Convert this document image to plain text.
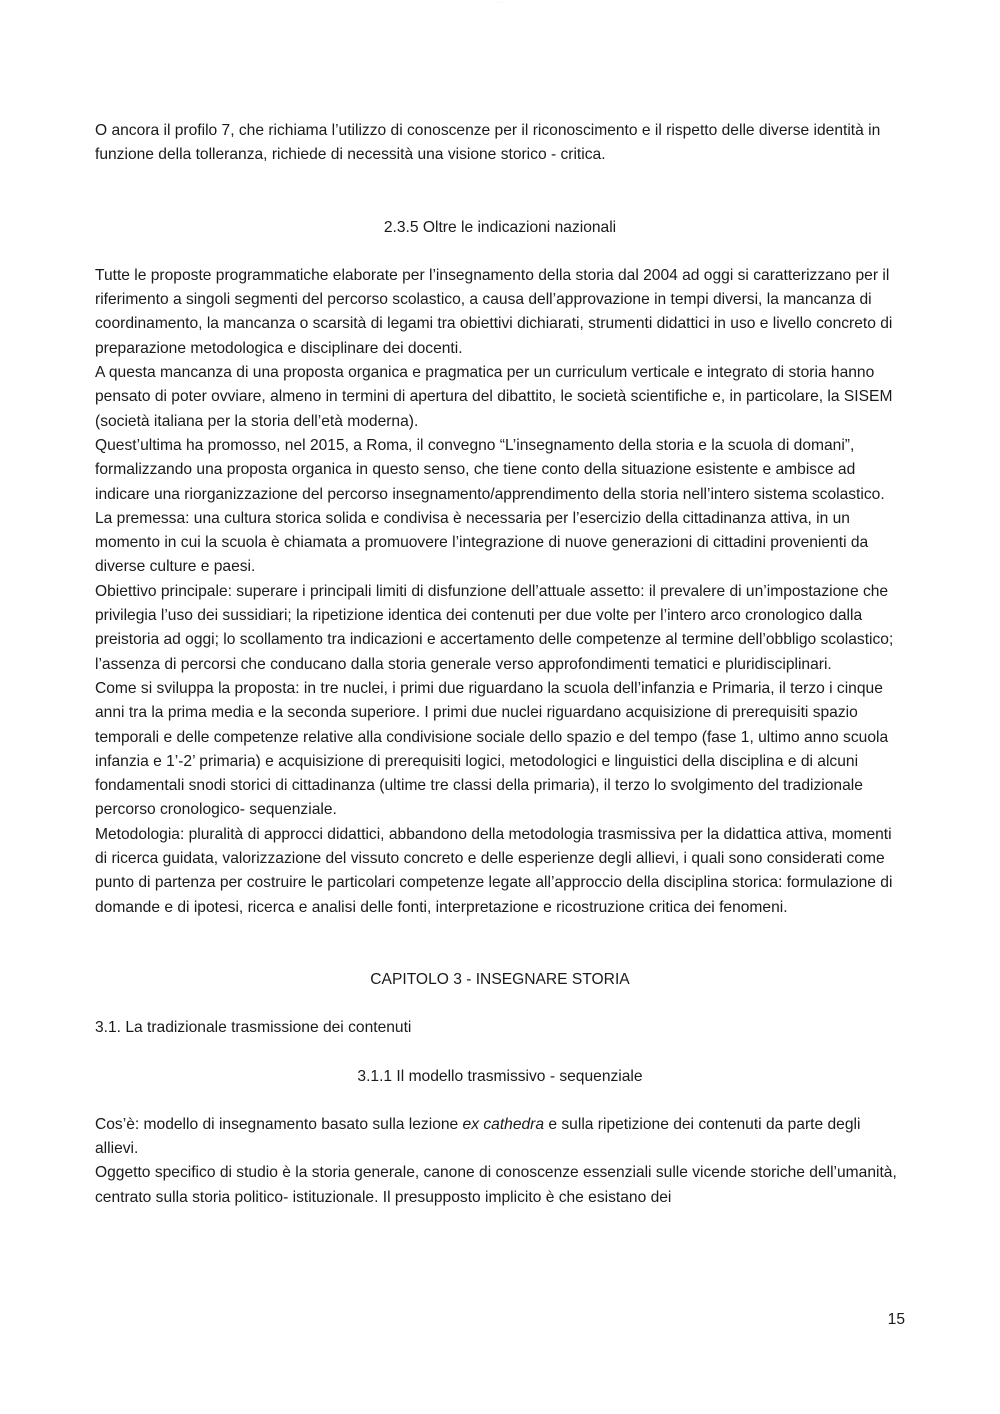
·······

O ancora il profilo 7, che richiama l’utilizzo di conoscenze per il riconoscimento e il rispetto delle diverse identità in funzione della tolleranza, richiede di necessità una visione storico - critica.

2.3.5 Oltre le indicazioni nazionali

Tutte le proposte programmatiche elaborate per l’insegnamento della storia dal 2004 ad oggi si caratterizzano per il riferimento a singoli segmenti del percorso scolastico, a causa dell’approvazione in tempi diversi, la mancanza di coordinamento, la mancanza o scarsità di legami tra obiettivi dichiarati, strumenti didattici in uso e livello concreto di preparazione metodologica e disciplinare dei docenti.

A questa mancanza di una proposta organica e pragmatica per un curriculum verticale e integrato di storia hanno pensato di poter ovviare, almeno in termini di apertura del dibattito, le società scientifiche e, in particolare, la SISEM (società italiana per la storia dell’età moderna).

Quest’ultima ha promosso, nel 2015, a Roma, il convegno “L’insegnamento della storia e la scuola di domani”, formalizzando una proposta organica in questo senso, che tiene conto della situazione esistente e ambisce ad indicare una riorganizzazione del percorso insegnamento/apprendimento della storia nell’intero sistema scolastico.

La premessa: una cultura storica solida e condivisa è necessaria per l’esercizio della cittadinanza attiva, in un momento in cui la scuola è chiamata a promuovere l’integrazione di nuove generazioni di cittadini provenienti da diverse culture e paesi.

Obiettivo principale: superare i principali limiti di disfunzione dell’attuale assetto: il prevalere di un’impostazione che privilegia l’uso dei sussidiari; la ripetizione identica dei contenuti per due volte per l’intero arco cronologico dalla preistoria ad oggi; lo scollamento tra indicazioni e accertamento delle competenze al termine dell’obbligo scolastico; l’assenza di percorsi che conducano dalla storia generale verso approfondimenti tematici e pluridisciplinari.

Come si sviluppa la proposta: in tre nuclei, i primi due riguardano la scuola dell’infanzia e Primaria, il terzo i cinque anni tra la prima media e la seconda superiore. I primi due nuclei riguardano acquisizione di prerequisiti spazio temporali e delle competenze relative alla condivisione sociale dello spazio e del tempo (fase 1, ultimo anno scuola infanzia e 1’-2’ primaria) e acquisizione di prerequisiti logici, metodologici e linguistici della disciplina e di alcuni fondamentali snodi storici di cittadinanza (ultime tre classi della primaria), il terzo lo svolgimento del tradizionale percorso cronologico- sequenziale.

Metodologia: pluralità di approcci didattici, abbandono della metodologia trasmissiva per la didattica attiva, momenti di ricerca guidata, valorizzazione del vissuto concreto e delle esperienze degli allievi, i quali sono considerati come punto di partenza per costruire le particolari competenze legate all’approccio della disciplina storica: formulazione di domande e di ipotesi, ricerca e analisi delle fonti, interpretazione e ricostruzione critica dei fenomeni.

CAPITOLO 3 - INSEGNARE STORIA

3.1. La tradizionale trasmissione dei contenuti

3.1.1 Il modello trasmissivo - sequenziale

Cos’è: modello di insegnamento basato sulla lezione ex cathedra e sulla ripetizione dei contenuti da parte degli allievi.

Oggetto specifico di studio è la storia generale, canone di conoscenze essenziali sulle vicende storiche dell’umanità, centrato sulla storia politico- istituzionale. Il presupposto implicito è che esistano dei

15
